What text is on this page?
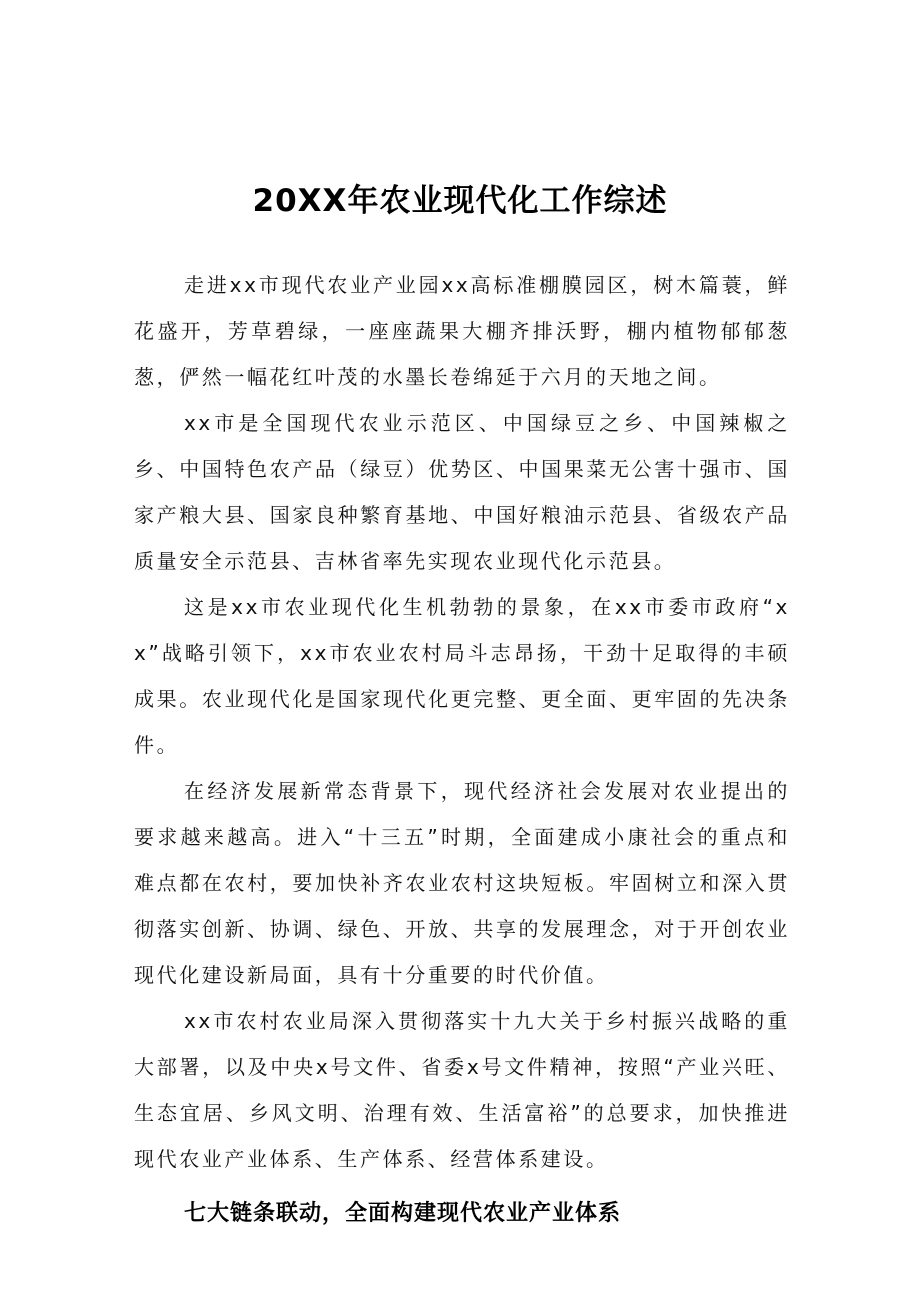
20XX年农业现代化工作综述

走进xx市现代农业产业园xx高标准棚膜园区，树木篇蓑，鲜花盛开，芳草碧绿，一座座蔬果大棚齐排沃野，棚内植物郁郁葱葱，俨然一幅花红叶茂的水墨长卷绵延于六月的天地之间。

xx市是全国现代农业示范区、中国绿豆之乡、中国辣椒之乡、中国特色农产品（绿豆）优势区、中国果菜无公害十强市、国家产粮大县、国家良种繁育基地、中国好粮油示范县、省级农产品质量安全示范县、吉林省率先实现农业现代化示范县。

这是xx市农业现代化生机勃勃的景象，在xx市委市政府“xx”战略引领下，xx市农业农村局斗志昂扬，干劲十足取得的丰硕成果。农业现代化是国家现代化更完整、更全面、更牢固的先决条件。

在经济发展新常态背景下，现代经济社会发展对农业提出的要求越来越高。进入“十三五”时期，全面建成小康社会的重点和难点都在农村，要加快补齐农业农村这块短板。牢固树立和深入贯彻落实创新、协调、绿色、开放、共享的发展理念，对于开创农业现代化建设新局面，具有十分重要的时代价值。

xx市农村农业局深入贯彻落实十九大关于乡村振兴战略的重大部署，以及中央x号文件、省委x号文件精神，按照“产业兴旺、生态宜居、乡风文明、治理有效、生活富裕”的总要求，加快推进现代农业产业体系、生产体系、经营体系建设。

七大链条联动，全面构建现代农业产业体系
